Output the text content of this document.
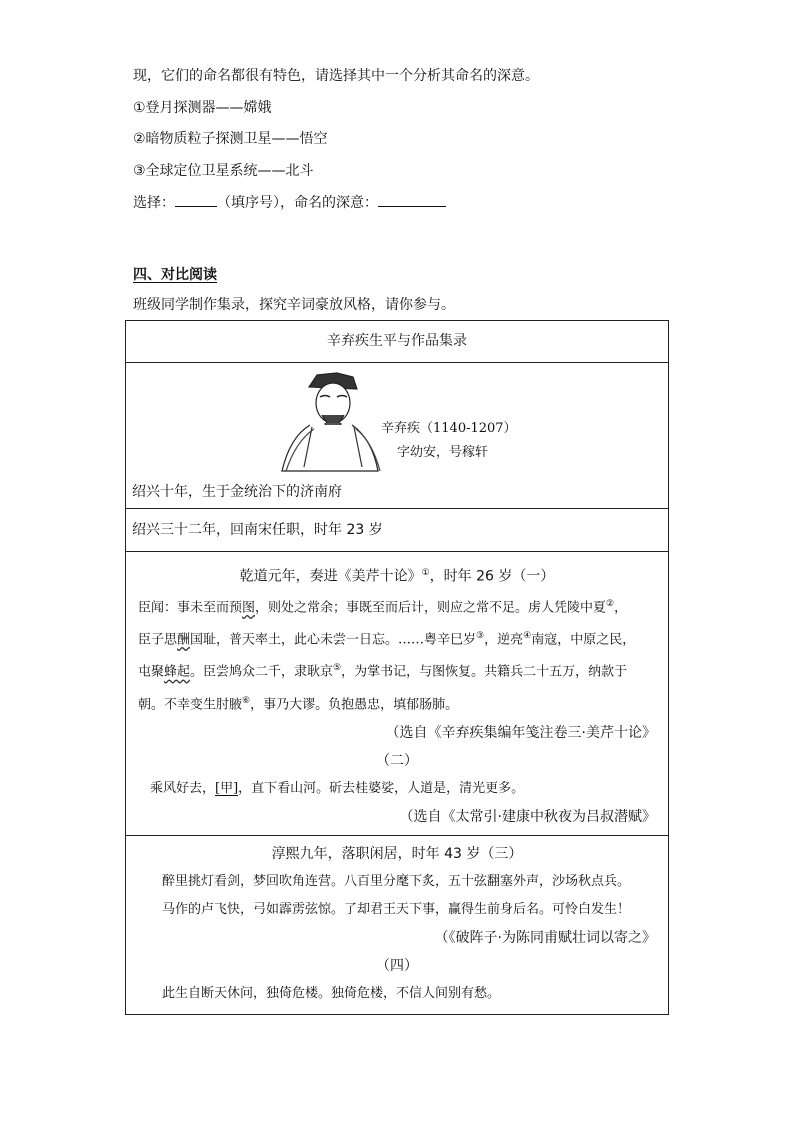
现，它们的命名都很有特色，请选择其中一个分析其命名的深意。
①登月探测器——嫦娥
②暗物质粒子探测卫星——悟空
③全球定位卫星系统——北斗
选择：	（填序号），命名的深意：
四、对比阅读
班级同学制作集录，探究辛词豪放风格，请你参与。
辛弃疾生平与作品集录

辛弃疾（1140-1207）
字幼安，号稼轩
绍兴十年，生于金统治下的济南府

绍兴三十二年，回南宋任职，时年 23 岁

乾道元年，奏进《美芹十论》①，时年 26 岁（一）
臣闻：事未至而预图，则处之常余；事既至而后计，则应之常不足。虏人凭陵中夏②，
臣子思酬国耻，普天率土，此心未尝一日忘。……粤辛巳岁③，逆亮④南寇，中原之民，
屯聚蜂起。臣尝鸠众二千，隶耿京⑤，为掌书记，与图恢复。共籍兵二十五万，纳款于
朝。不幸变生肘腋⑥，事乃大谬。负抱愚忠，填郁肠肺。
（选自《辛弃疾集编年笺注卷三·美芹十论》
（二）
乘风好去，[甲]，直下看山河。斫去桂婆娑，人道是，清光更多。
（选自《太常引·建康中秋夜为吕叔潜赋》

淳熙九年，落职闲居，时年 43 岁（三）
醉里挑灯看剑，梦回吹角连营。八百里分麾下炙，五十弦翻塞外声，沙场秋点兵。
马作的卢飞快，弓如霹雳弦惊。了却君王天下事，赢得生前身后名。可怜白发生！
（《破阵子·为陈同甫赋壮词以寄之》
（四）
此生自断天休问，独倚危楼。独倚危楼，不信人间别有愁。
